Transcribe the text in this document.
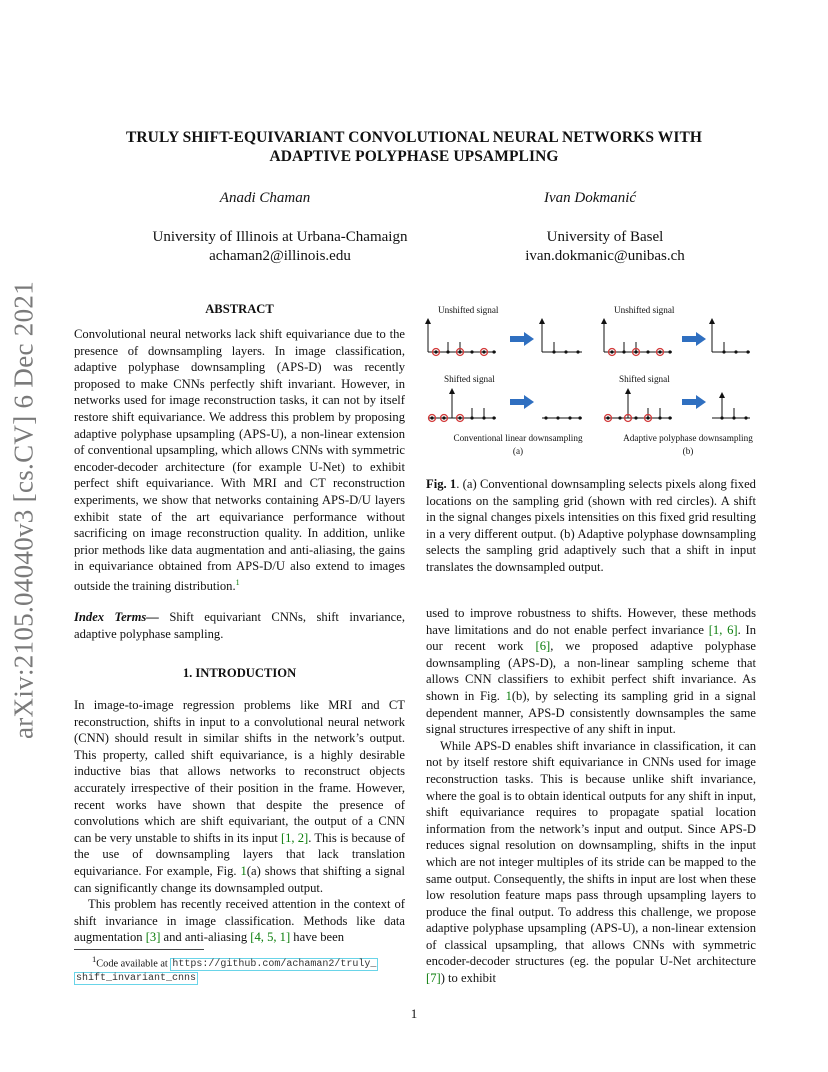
arXiv:2105.04040v3 [cs.CV] 6 Dec 2021
TRULY SHIFT-EQUIVARIANT CONVOLUTIONAL NEURAL NETWORKS WITH
ADAPTIVE POLYPHASE UPSAMPLING
Anadi Chaman	Ivan Dokmanić
University of Illinois at Urbana-Chamaign
achaman2@illinois.edu
University of Basel
ivan.dokmanic@unibas.ch
ABSTRACT

Convolutional neural networks lack shift equivariance due to the presence of downsampling layers. In image classification, adaptive polyphase downsampling (APS-D) was recently proposed to make CNNs perfectly shift invariant. However, in networks used for image reconstruction tasks, it can not by itself restore shift equivariance. We address this problem by proposing adaptive polyphase upsampling (APS-U), a non-linear extension of conventional upsampling, which allows CNNs with symmetric encoder-decoder architecture (for example U-Net) to exhibit perfect shift equivariance. With MRI and CT reconstruction experiments, we show that networks containing APS-D/U layers exhibit state of the art equivariance performance without sacrificing on image reconstruction quality. In addition, unlike prior methods like data augmentation and anti-aliasing, the gains in equivariance obtained from APS-D/U also extend to images outside the training distribution.$^1$

Index Terms— Shift equivariant CNNs, shift invariance, adaptive polyphase sampling.

1. INTRODUCTION

In image-to-image regression problems like MRI and CT reconstruction, shifts in input to a convolutional neural network (CNN) should result in similar shifts in the network’s output. This property, called shift equivariance, is a highly desirable inductive bias that allows networks to reconstruct objects accurately irrespective of their position in the frame. However, recent works have shown that despite the presence of convolutions which are shift equivariant, the output of a CNN can be very unstable to shifts in its input [1, 2]. This is because of the use of downsampling layers that lack translation equivariance. For example, Fig. 1(a) shows that shifting a signal can significantly change its downsampled output.

This problem has recently received attention in the context of shift invariance in image classification. Methods like data augmentation [3] and anti-aliasing [4, 5, 1] have been

$^1$Code available at https://github.com/achaman2/truly_
shift_invariant_cnns
Unshifted signal	Unshifted signal
Shifted signal	Shifted signal
Conventional linear downsampling
(a)
Adaptive polyphase downsampling
(b)
Fig. 1. (a) Conventional downsampling selects pixels along fixed locations on the sampling grid (shown with red circles). A shift in the signal changes pixels intensities on this fixed grid resulting in a very different output. (b) Adaptive polyphase downsampling selects the sampling grid adaptively such that a shift in input translates the downsampled output.

used to improve robustness to shifts. However, these methods have limitations and do not enable perfect invariance [1, 6]. In our recent work [6], we proposed adaptive polyphase downsampling (APS-D), a non-linear sampling scheme that allows CNN classifiers to exhibit perfect shift invariance. As shown in Fig. 1(b), by selecting its sampling grid in a signal dependent manner, APS-D consistently downsamples the same signal structures irrespective of any shift in input.

While APS-D enables shift invariance in classification, it can not by itself restore shift equivariance in CNNs used for image reconstruction tasks. This is because unlike shift invariance, where the goal is to obtain identical outputs for any shift in input, shift equivariance requires to propagate spatial location information from the network’s input and output. Since APS-D reduces signal resolution on downsampling, shifts in the input which are not integer multiples of its stride can be mapped to the same output. Consequently, the shifts in input are lost when these low resolution feature maps pass through upsampling layers to produce the final output. To address this challenge, we propose adaptive polyphase upsampling (APS-U), a non-linear extension of classical upsampling, that allows CNNs with symmetric encoder-decoder structures (eg. the popular U-Net architecture [7]) to exhibit

1
